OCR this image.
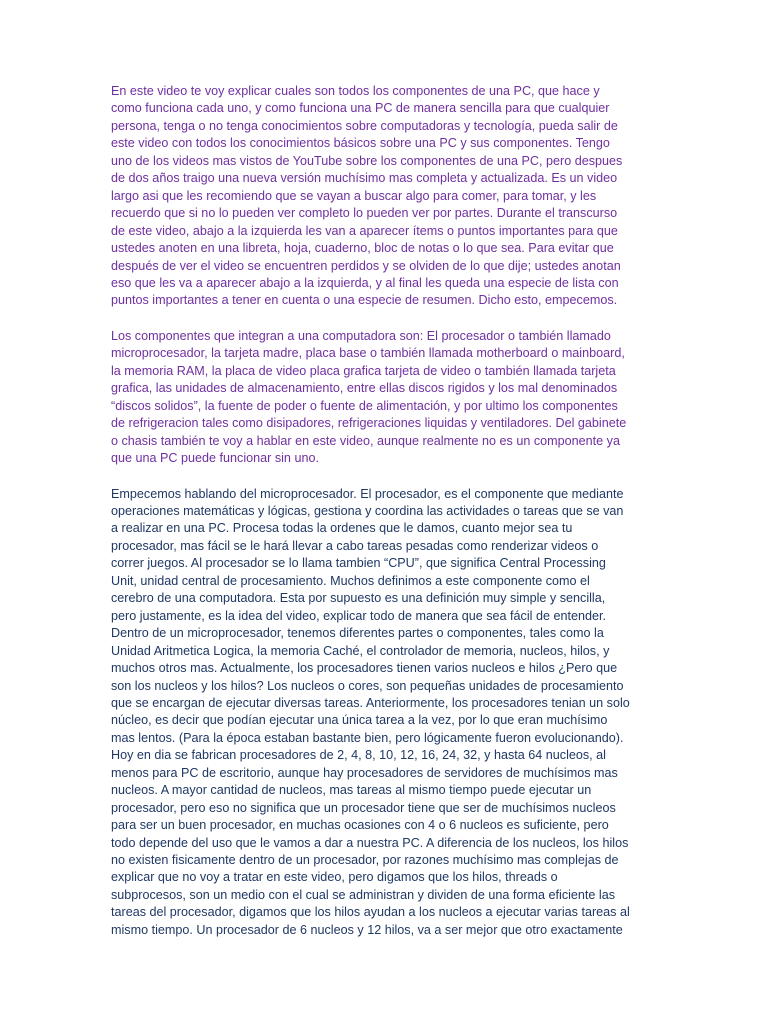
En este video te voy explicar cuales son todos los componentes de una PC, que hace y como funciona cada uno, y como funciona una PC de manera sencilla para que cualquier persona, tenga o no tenga conocimientos sobre computadoras y tecnología, pueda salir de este video con todos los conocimientos básicos sobre una PC y sus componentes. Tengo uno de los videos mas vistos de YouTube sobre los componentes de una PC, pero despues de dos años traigo una nueva versión muchísimo mas completa y actualizada. Es un video largo asi que les recomiendo que se vayan a buscar algo para comer, para tomar, y les recuerdo que si no lo pueden ver completo lo pueden ver por partes. Durante el transcurso de este video, abajo a la izquierda les van a aparecer ítems o puntos importantes para que ustedes anoten en una libreta, hoja, cuaderno, bloc de notas o lo que sea. Para evitar que después de ver el video se encuentren perdidos y se olviden de lo que dije; ustedes anotan eso que les va a aparecer abajo a la izquierda, y al final les queda una especie de lista con puntos importantes a tener en cuenta o una especie de resumen. Dicho esto, empecemos.

Los componentes que integran a una computadora son: El procesador o también llamado microprocesador, la tarjeta madre, placa base o también llamada motherboard o mainboard, la memoria RAM, la placa de video placa grafica tarjeta de video o también llamada tarjeta grafica, las unidades de almacenamiento, entre ellas discos rigidos y los mal denominados “discos solidos”, la fuente de poder o fuente de alimentación, y por ultimo los componentes de refrigeracion tales como disipadores, refrigeraciones liquidas y ventiladores. Del gabinete o chasis también te voy a hablar en este video, aunque realmente no es un componente ya que una PC puede funcionar sin uno.

Empecemos hablando del microprocesador. El procesador, es el componente que mediante operaciones matemáticas y lógicas, gestiona y coordina las actividades o tareas que se van a realizar en una PC. Procesa todas la ordenes que le damos, cuanto mejor sea tu procesador, mas fácil se le hará llevar a cabo tareas pesadas como renderizar videos o correr juegos. Al procesador se lo llama tambien “CPU”, que significa Central Processing Unit, unidad central de procesamiento. Muchos definimos a este componente como el cerebro de una computadora. Esta por supuesto es una definición muy simple y sencilla, pero justamente, es la idea del video, explicar todo de manera que sea fácil de entender. Dentro de un microprocesador, tenemos diferentes partes o componentes, tales como la Unidad Aritmetica Logica, la memoria Caché, el controlador de memoria, nucleos, hilos, y muchos otros mas. Actualmente, los procesadores tienen varios nucleos e hilos ¿Pero que son los nucleos y los hilos? Los nucleos o cores, son pequeñas unidades de procesamiento que se encargan de ejecutar diversas tareas. Anteriormente, los procesadores tenian un solo núcleo, es decir que podían ejecutar una única tarea a la vez, por lo que eran muchísimo mas lentos. (Para la época estaban bastante bien, pero lógicamente fueron evolucionando). Hoy en dia se fabrican procesadores de 2, 4, 8, 10, 12, 16, 24, 32, y hasta 64 nucleos, al menos para PC de escritorio, aunque hay procesadores de servidores de muchísimos mas nucleos. A mayor cantidad de nucleos, mas tareas al mismo tiempo puede ejecutar un procesador, pero eso no significa que un procesador tiene que ser de muchísimos nucleos para ser un buen procesador, en muchas ocasiones con 4 o 6 nucleos es suficiente, pero todo depende del uso que le vamos a dar a nuestra PC. A diferencia de los nucleos, los hilos no existen fisicamente dentro de un procesador, por razones muchísimo mas complejas de explicar que no voy a tratar en este video, pero digamos que los hilos, threads o subprocesos, son un medio con el cual se administran y dividen de una forma eficiente las tareas del procesador, digamos que los hilos ayudan a los nucleos a ejecutar varias tareas al mismo tiempo. Un procesador de 6 nucleos y 12 hilos, va a ser mejor que otro exactamente
